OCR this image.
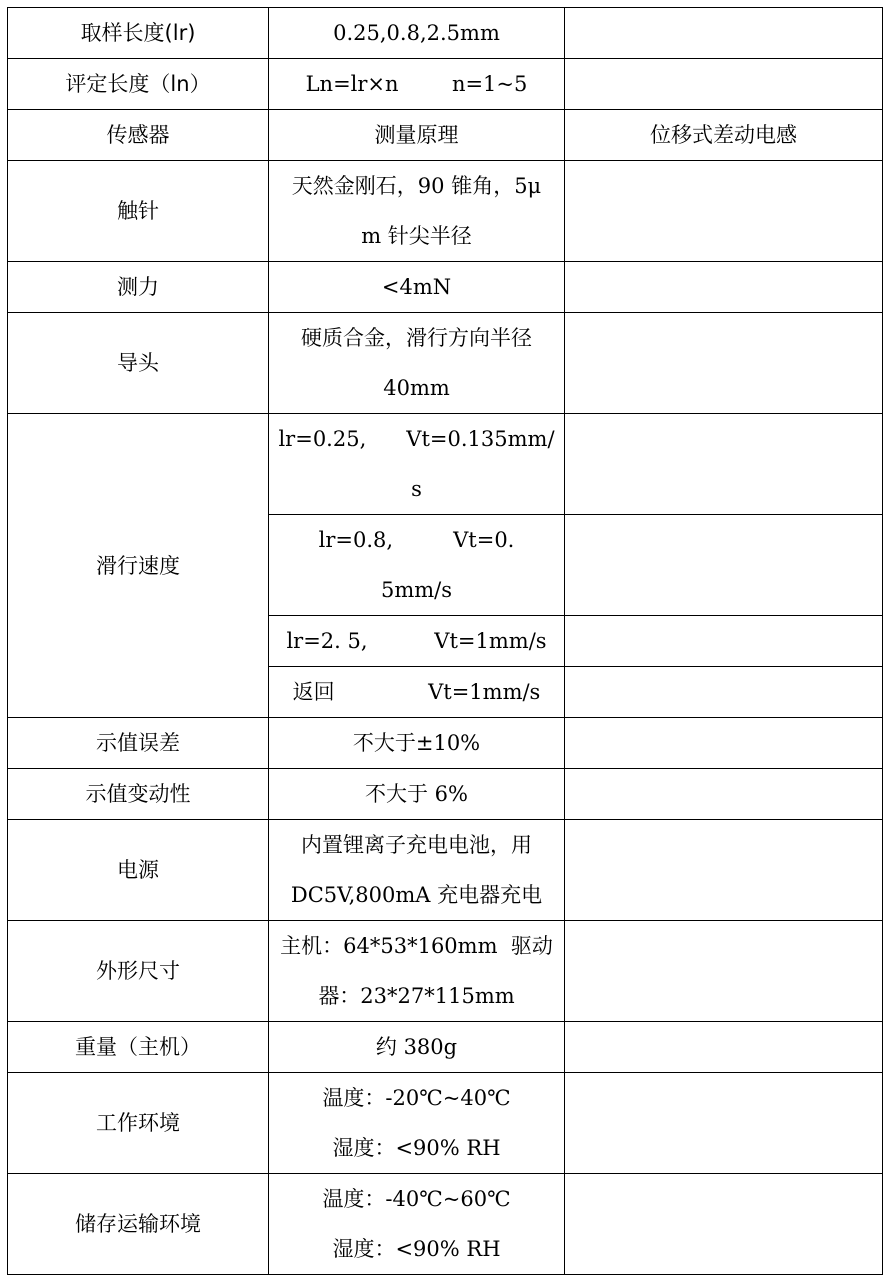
取样长度(lr)	0.25,0.8,2.5mm	
评定长度（ln）	Ln=lr×n        n=1~5	
传感器	测量原理	位移式差动电感
触针	天然金刚石，90 锥角，5μ
m 针尖半径	

测力	<4mN	
导头	硬质合金，滑行方向半径
40mm	

滑行速度	lr=0.25,      Vt=0.135mm/
s	

	lr=0.8,         Vt=0.
5mm/s	

	lr=2. 5,          Vt=1mm/s	
	返回              Vt=1mm/s	
示值误差	不大于±10%	
示值变动性	不大于 6%	
电源	内置锂离子充电电池，用
DC5V,800mA 充电器充电	

外形尺寸	主机：64*53*160mm  驱动
器：23*27*115mm	

重量（主机）	约 380g	
工作环境	温度：-20℃~40℃
湿度：<90% RH	

储存运输环境	温度：-40℃~60℃
湿度：<90% RH	
